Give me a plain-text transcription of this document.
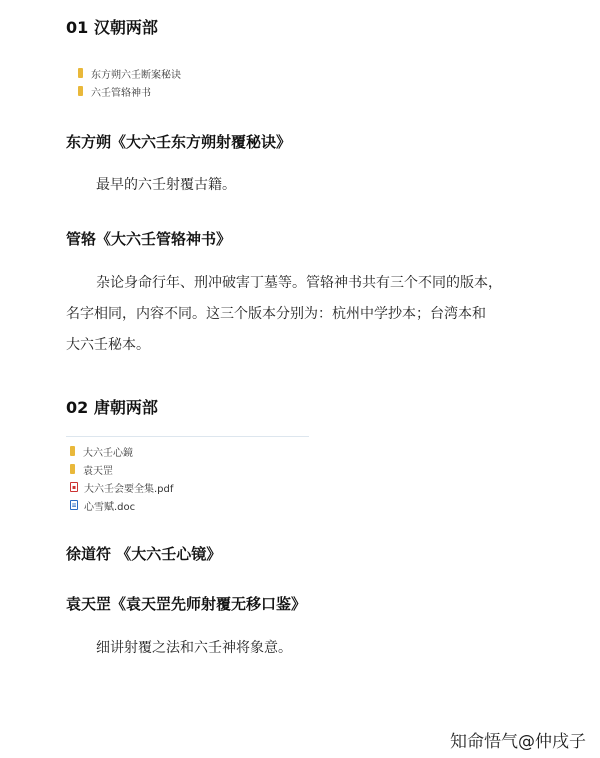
01 汉朝两部
东方朔六壬断案秘诀
六壬管辂神书
东方朔《大六壬东方朔射覆秘诀》
最早的六壬射覆古籍。
管辂《大六壬管辂神书》
杂论身命行年、刑冲破害丁墓等。管辂神书共有三个不同的版本，
名字相同，内容不同。这三个版本分别为：杭州中学抄本；台湾本和
大六壬秘本。
02 唐朝两部
大六壬心鏡
袁天罡
▪ 大六壬会要全集.pdf
≡ 心雪赋.doc
徐道符 《大六壬心镜》
袁天罡《袁天罡先师射覆无移口鉴》
细讲射覆之法和六壬神将象意。
知命悟气@仲戌子
